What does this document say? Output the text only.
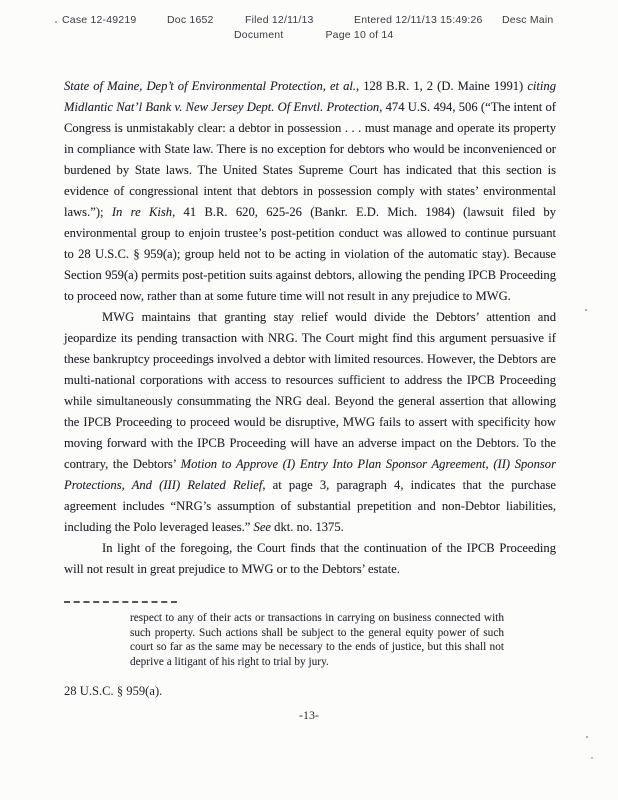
Case 12-49219	Doc 1652	Filed 12/11/13	Entered 12/11/13 15:49:26	Desc Main
Document	Page 10 of 14

State of Maine, Dep’t of Environmental Protection, et al., 128 B.R. 1, 2 (D. Maine 1991) citing Midlantic Nat’l Bank v. New Jersey Dept. Of Envtl. Protection, 474 U.S. 494, 506 (“The intent of Congress is unmistakably clear: a debtor in possession . . . must manage and operate its property in compliance with State law. There is no exception for debtors who would be inconvenienced or burdened by State laws. The United States Supreme Court has indicated that this section is evidence of congressional intent that debtors in possession comply with states’ environmental laws.”); In re Kish, 41 B.R. 620, 625-26 (Bankr. E.D. Mich. 1984) (lawsuit filed by environmental group to enjoin trustee’s post-petition conduct was allowed to continue pursuant to 28 U.S.C. § 959(a); group held not to be acting in violation of the automatic stay). Because Section 959(a) permits post-petition suits against debtors, allowing the pending IPCB Proceeding to proceed now, rather than at some future time will not result in any prejudice to MWG.

MWG maintains that granting stay relief would divide the Debtors’ attention and jeopardize its pending transaction with NRG. The Court might find this argument persuasive if these bankruptcy proceedings involved a debtor with limited resources. However, the Debtors are multi-national corporations with access to resources sufficient to address the IPCB Proceeding while simultaneously consummating the NRG deal. Beyond the general assertion that allowing the IPCB Proceeding to proceed would be disruptive, MWG fails to assert with specificity how moving forward with the IPCB Proceeding will have an adverse impact on the Debtors. To the contrary, the Debtors’ Motion to Approve (I) Entry Into Plan Sponsor Agreement, (II) Sponsor Protections, And (III) Related Relief, at page 3, paragraph 4, indicates that the purchase agreement includes “NRG’s assumption of substantial prepetition and non-Debtor liabilities, including the Polo leveraged leases.” See dkt. no. 1375.

In light of the foregoing, the Court finds that the continuation of the IPCB Proceeding will not result in great prejudice to MWG or to the Debtors’ estate.

respect to any of their acts or transactions in carrying on business connected with such property. Such actions shall be subject to the general equity power of such court so far as the same may be necessary to the ends of justice, but this shall not deprive a litigant of his right to trial by jury.
28 U.S.C. § 959(a).
-13-
